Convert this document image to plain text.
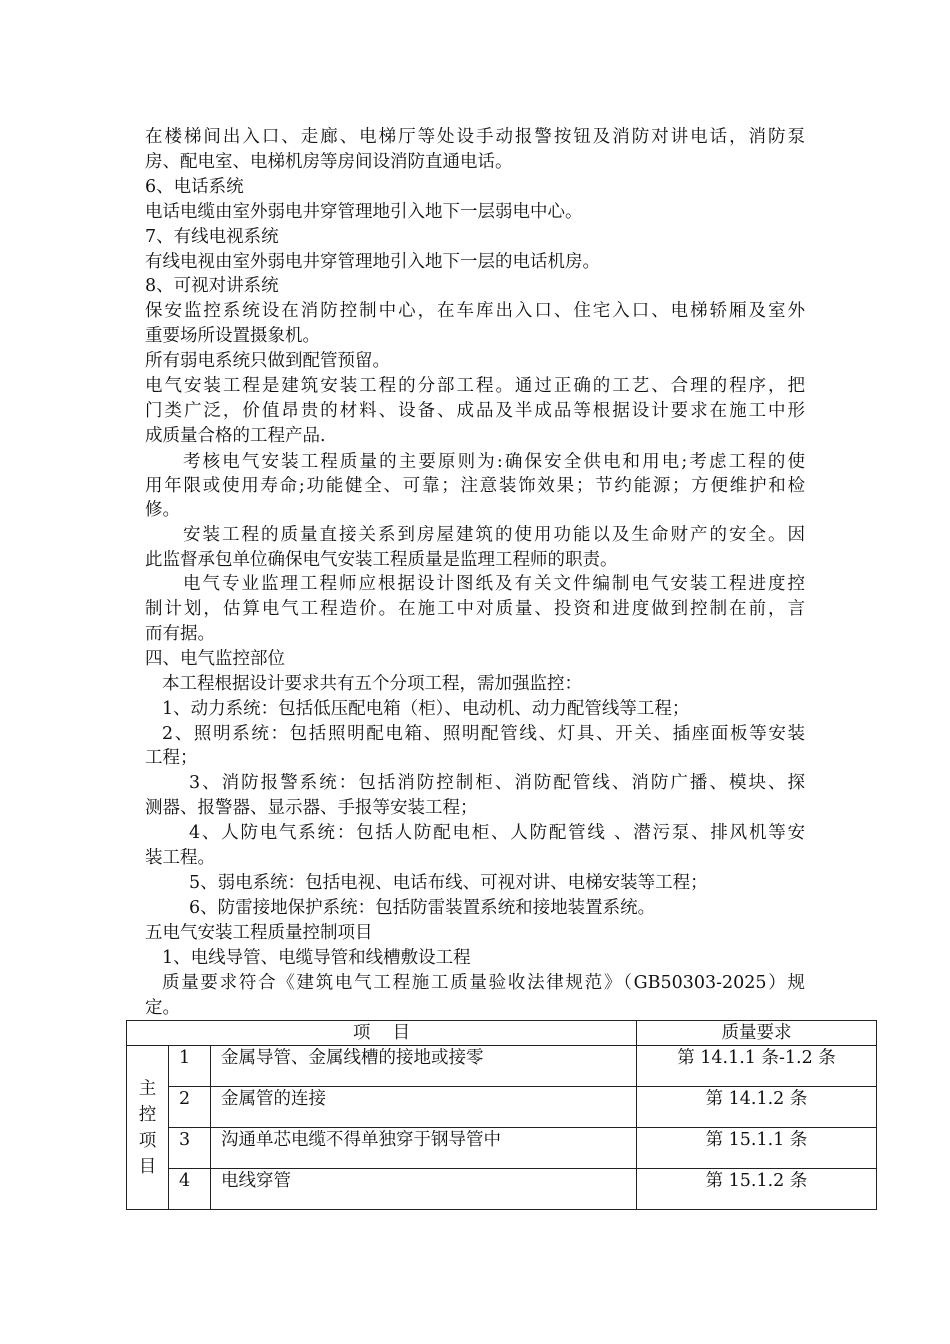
在楼梯间出入口、走廊、电梯厅等处设手动报警按钮及消防对讲电话，消防泵
房、配电室、电梯机房等房间设消防直通电话。
6、电话系统
电话电缆由室外弱电井穿管理地引入地下一层弱电中心。
7、有线电视系统
有线电视由室外弱电井穿管理地引入地下一层的电话机房。
8、可视对讲系统
保安监控系统设在消防控制中心，在车库出入口、住宅入口、电梯轿厢及室外
重要场所设置摄象机。
所有弱电系统只做到配管预留。
电气安装工程是建筑安装工程的分部工程。通过正确的工艺、合理的程序，把
门类广泛，价值昂贵的材料、设备、成品及半成品等根据设计要求在施工中形
成质量合格的工程产品.
考核电气安装工程质量的主要原则为:确保安全供电和用电;考虑工程的使
用年限或使用寿命;功能健全、可靠；注意装饰效果；节约能源；方便维护和检
修。
安装工程的质量直接关系到房屋建筑的使用功能以及生命财产的安全。因
此监督承包单位确保电气安装工程质量是监理工程师的职责。
电气专业监理工程师应根据设计图纸及有关文件编制电气安装工程进度控
制计划，估算电气工程造价。在施工中对质量、投资和进度做到控制在前，言
而有据。
四、电气监控部位
本工程根据设计要求共有五个分项工程，需加强监控：
1、动力系统：包括低压配电箱（柜）、电动机、动力配管线等工程；
2、照明系统：包括照明配电箱、照明配管线、灯具、开关、插座面板等安装
工程；
3、消防报警系统：包括消防控制柜、消防配管线、消防广播、模块、探
测器、报警器、显示器、手报等安装工程；
4、人防电气系统：包括人防配电柜、人防配管线 、潜污泵、排风机等安
装工程。
5、弱电系统：包括电视、电话布线、可视对讲、电梯安装等工程；
6、防雷接地保护系统：包括防雷装置系统和接地装置系统。
五电气安装工程质量控制项目
1、电线导管、电缆导管和线槽敷设工程
质量要求符合《建筑电气工程施工质量验收法律规范》（GB50303-2025）规
定。
项    目			质量要求

主
控
项
目	1	金属导管、金属线槽的接地或接零	第 14.1.1 条-1.2 条
	2	金属管的连接	第 14.1.2 条
	3	沟通单芯电缆不得单独穿于钢导管中	第 15.1.1 条
	4	电线穿管	第 15.1.2 条
